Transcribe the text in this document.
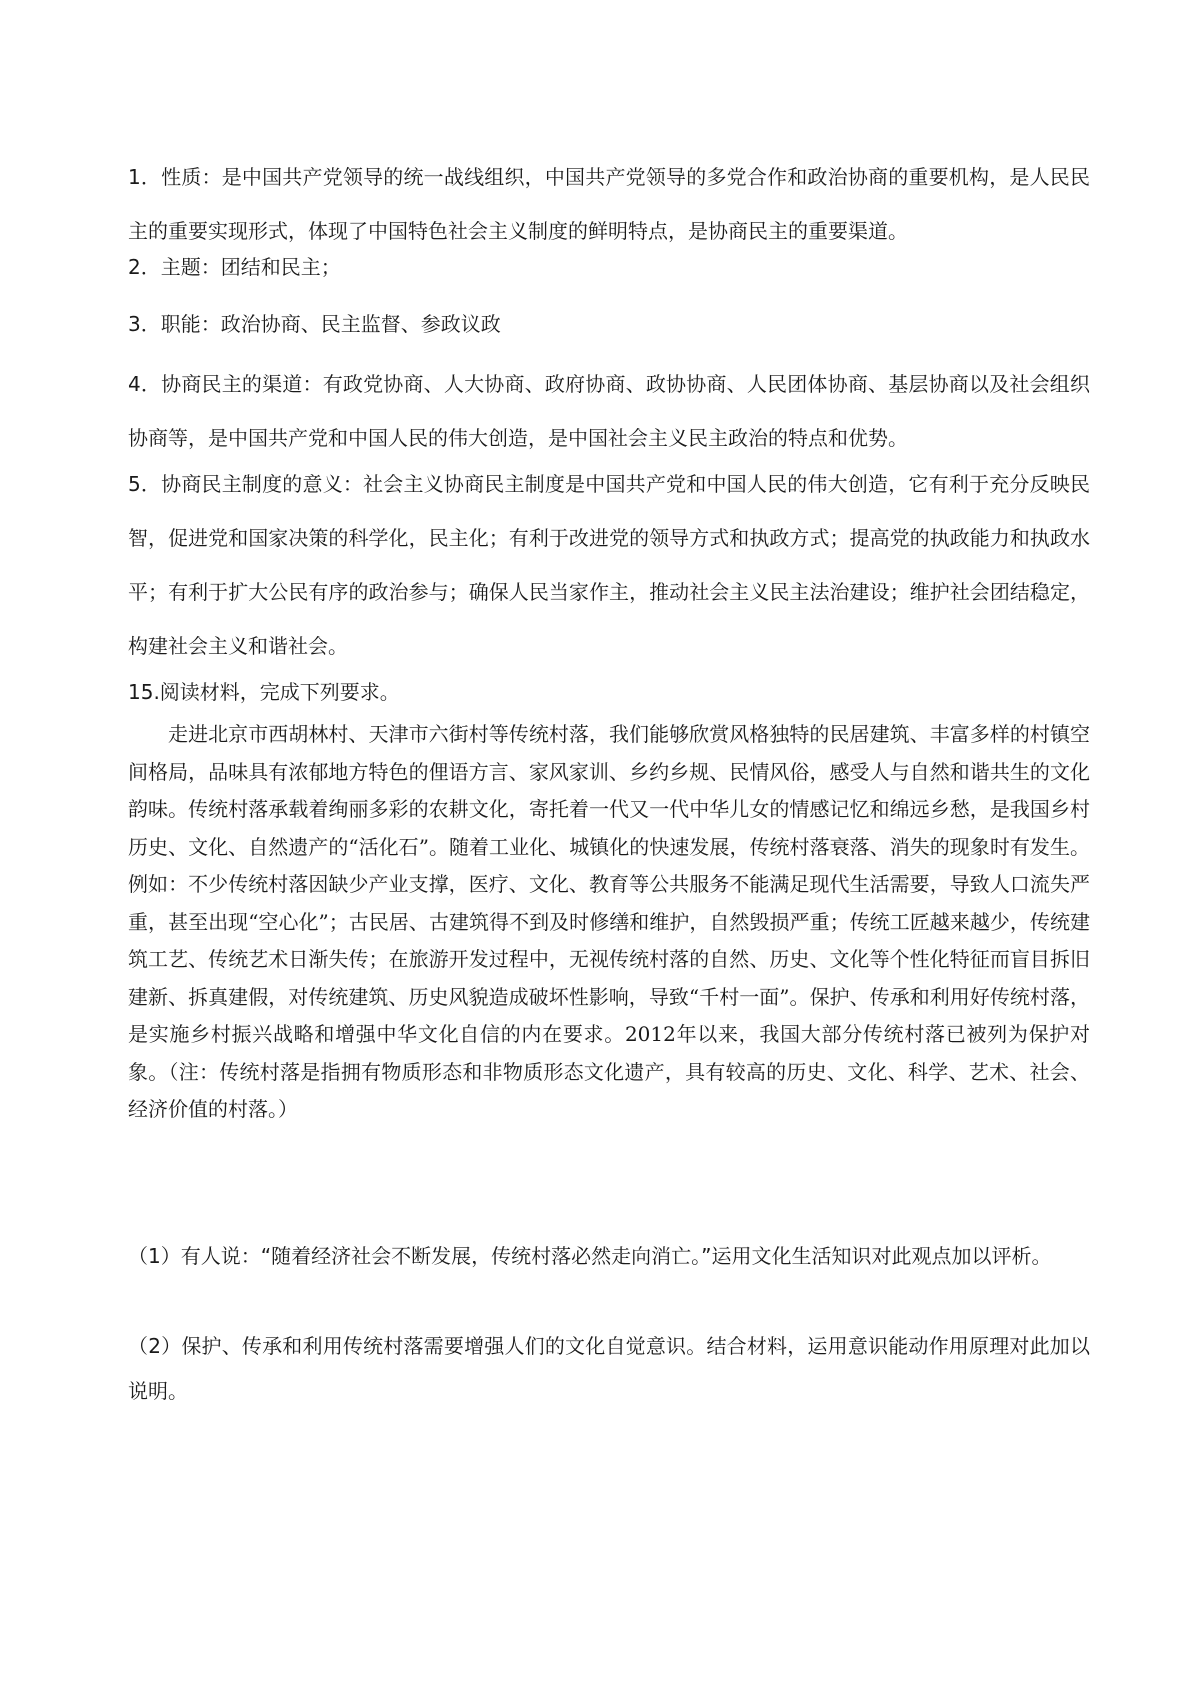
1．性质：是中国共产党领导的统一战线组织，中国共产党领导的多党合作和政治协商的重要机构，是人民民主的重要实现形式，体现了中国特色社会主义制度的鲜明特点，是协商民主的重要渠道。

2．主题：团结和民主；

3．职能：政治协商、民主监督、参政议政

4．协商民主的渠道：有政党协商、人大协商、政府协商、政协协商、人民团体协商、基层协商以及社会组织协商等，是中国共产党和中国人民的伟大创造，是中国社会主义民主政治的特点和优势。

5．协商民主制度的意义：社会主义协商民主制度是中国共产党和中国人民的伟大创造，它有利于充分反映民智，促进党和国家决策的科学化，民主化；有利于改进党的领导方式和执政方式；提高党的执政能力和执政水平；有利于扩大公民有序的政治参与；确保人民当家作主，推动社会主义民主法治建设；维护社会团结稳定，构建社会主义和谐社会。

15.阅读材料，完成下列要求。

走进北京市西胡林村、天津市六街村等传统村落，我们能够欣赏风格独特的民居建筑、丰富多样的村镇空间格局，品味具有浓郁地方特色的俚语方言、家风家训、乡约乡规、民情风俗，感受人与自然和谐共生的文化韵味。传统村落承载着绚丽多彩的农耕文化，寄托着一代又一代中华儿女的情感记忆和绵远乡愁，是我国乡村历史、文化、自然遗产的“活化石”。随着工业化、城镇化的快速发展，传统村落衰落、消失的现象时有发生。例如：不少传统村落因缺少产业支撑，医疗、文化、教育等公共服务不能满足现代生活需要，导致人口流失严重，甚至出现“空心化”；古民居、古建筑得不到及时修缮和维护，自然毁损严重；传统工匠越来越少，传统建筑工艺、传统艺术日渐失传；在旅游开发过程中，无视传统村落的自然、历史、文化等个性化特征而盲目拆旧建新、拆真建假，对传统建筑、历史风貌造成破坏性影响，导致“千村一面”。保护、传承和利用好传统村落，是实施乡村振兴战略和增强中华文化自信的内在要求。2012年以来，我国大部分传统村落已被列为保护对象。（注：传统村落是指拥有物质形态和非物质形态文化遗产，具有较高的历史、文化、科学、艺术、社会、经济价值的村落。）

（1）有人说：“随着经济社会不断发展，传统村落必然走向消亡。”运用文化生活知识对此观点加以评析。

（2）保护、传承和利用传统村落需要增强人们的文化自觉意识。结合材料，运用意识能动作用原理对此加以说明。
